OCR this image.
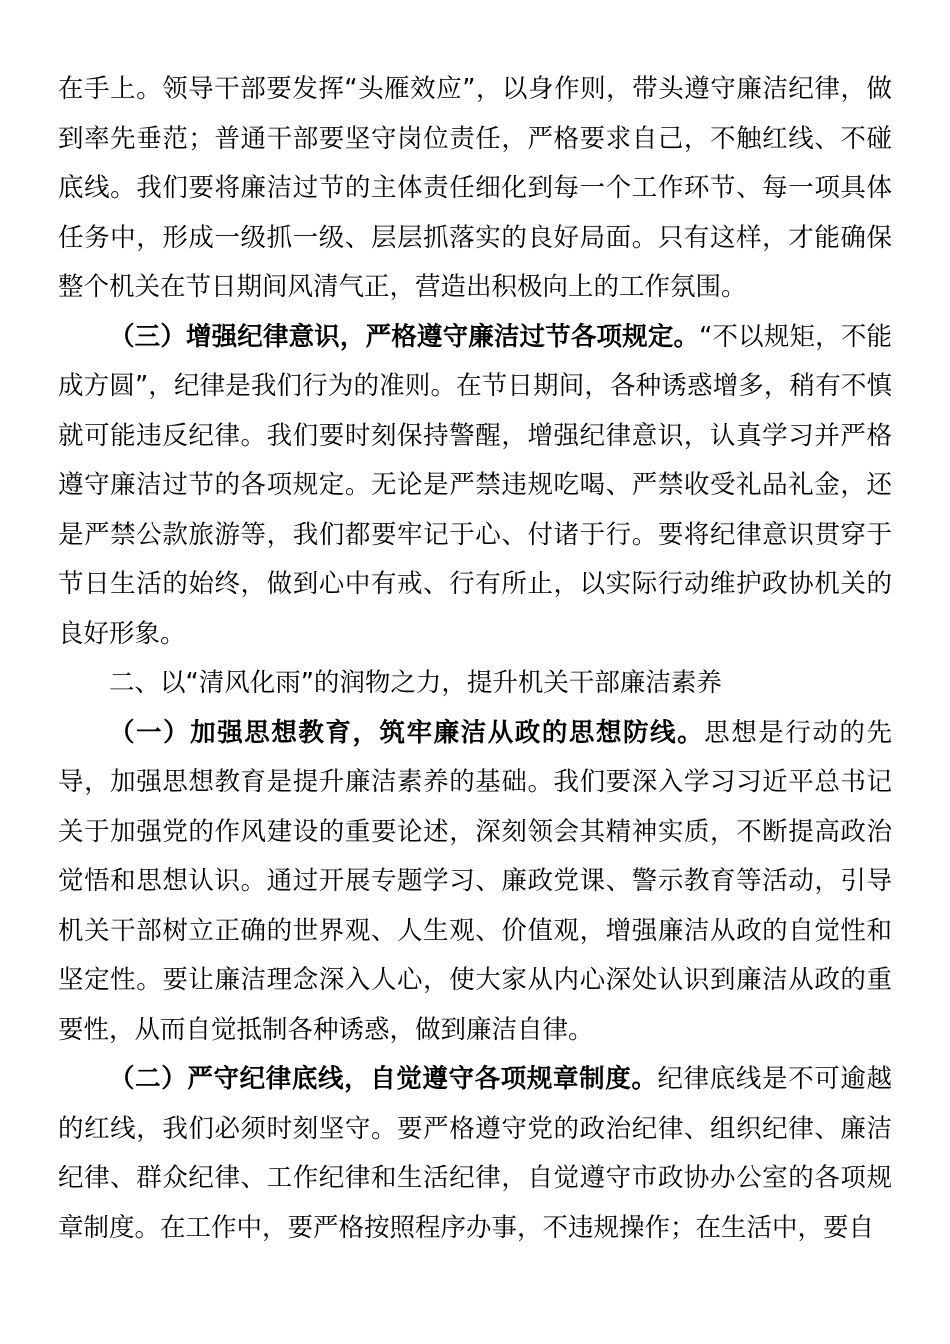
在手上。领导干部要发挥“头雁效应”，以身作则，带头遵守廉洁纪律，做到率先垂范；普通干部要坚守岗位责任，严格要求自己，不触红线、不碰底线。我们要将廉洁过节的主体责任细化到每一个工作环节、每一项具体任务中，形成一级抓一级、层层抓落实的良好局面。只有这样，才能确保整个机关在节日期间风清气正，营造出积极向上的工作氛围。

（三）增强纪律意识，严格遵守廉洁过节各项规定。“不以规矩，不能成方圆”，纪律是我们行为的准则。在节日期间，各种诱惑增多，稍有不慎就可能违反纪律。我们要时刻保持警醒，增强纪律意识，认真学习并严格遵守廉洁过节的各项规定。无论是严禁违规吃喝、严禁收受礼品礼金，还是严禁公款旅游等，我们都要牢记于心、付诸于行。要将纪律意识贯穿于节日生活的始终，做到心中有戒、行有所止，以实际行动维护政协机关的良好形象。

二、以“清风化雨”的润物之力，提升机关干部廉洁素养

（一）加强思想教育，筑牢廉洁从政的思想防线。思想是行动的先导，加强思想教育是提升廉洁素养的基础。我们要深入学习习近平总书记关于加强党的作风建设的重要论述，深刻领会其精神实质，不断提高政治觉悟和思想认识。通过开展专题学习、廉政党课、警示教育等活动，引导机关干部树立正确的世界观、人生观、价值观，增强廉洁从政的自觉性和坚定性。要让廉洁理念深入人心，使大家从内心深处认识到廉洁从政的重要性，从而自觉抵制各种诱惑，做到廉洁自律。

（二）严守纪律底线，自觉遵守各项规章制度。纪律底线是不可逾越的红线，我们必须时刻坚守。要严格遵守党的政治纪律、组织纪律、廉洁纪律、群众纪律、工作纪律和生活纪律，自觉遵守市政协办公室的各项规章制度。在工作中，要严格按照程序办事，不违规操作；在生活中，要自
